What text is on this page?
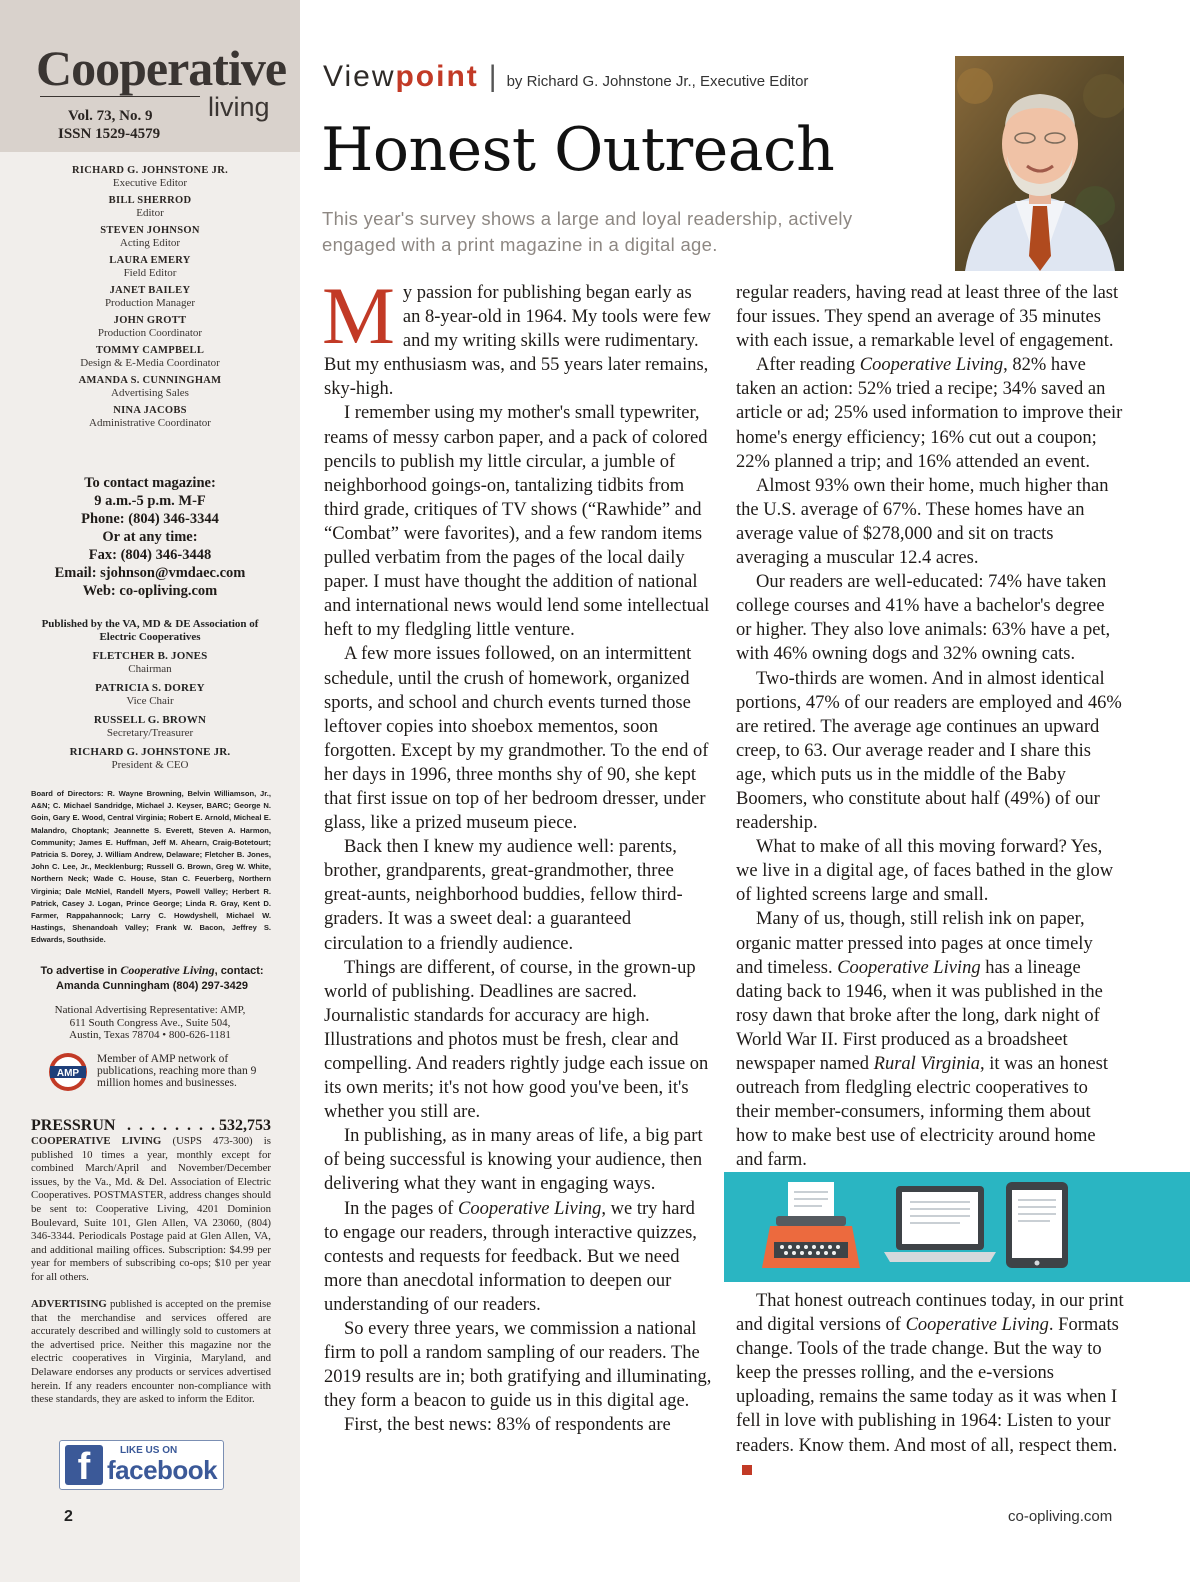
Cooperative
living
Vol. 73, No. 9
ISSN 1529-4579
RICHARD G. JOHNSTONE JR.
Executive Editor
BILL SHERROD
Editor
STEVEN JOHNSON
Acting Editor
LAURA EMERY
Field Editor
JANET BAILEY
Production Manager
JOHN GROTT
Production Coordinator
TOMMY CAMPBELL
Design & E-Media Coordinator
AMANDA S. CUNNINGHAM
Advertising Sales
NINA JACOBS
Administrative Coordinator
To contact magazine:
9 a.m.-5 p.m. M-F
Phone: (804) 346-3344
Or at any time:
Fax: (804) 346-3448
Email: sjohnson@vmdaec.com
Web: co-opliving.com
Published by the VA, MD & DE Association of Electric Cooperatives
FLETCHER B. JONES
Chairman
PATRICIA S. DOREY
Vice Chair
RUSSELL G. BROWN
Secretary/Treasurer
RICHARD G. JOHNSTONE JR.
President & CEO
Board of Directors: R. Wayne Browning, Belvin Williamson, Jr., A&N; C. Michael Sandridge, Michael J. Keyser, BARC; George N. Goin, Gary E. Wood, Central Virginia; Robert E. Arnold, Micheal E. Malandro, Choptank; Jeannette S. Everett, Steven A. Harmon, Community; James E. Huffman, Jeff M. Ahearn, Craig-Botetourt; Patricia S. Dorey, J. William Andrew, Delaware; Fletcher B. Jones, John C. Lee, Jr., Mecklenburg; Russell G. Brown, Greg W. White, Northern Neck; Wade C. House, Stan C. Feuerberg, Northern Virginia; Dale McNiel, Randell Myers, Powell Valley; Herbert R. Patrick, Casey J. Logan, Prince George; Linda R. Gray, Kent D. Farmer, Rappahannock; Larry C. Howdyshell, Michael W. Hastings, Shenandoah Valley; Frank W. Bacon, Jeffrey S. Edwards, Southside.
To advertise in Cooperative Living, contact:
Amanda Cunningham (804) 297-3429
National Advertising Representative: AMP,
611 South Congress Ave., Suite 504,
Austin, Texas 78704 • 800-626-1181
AMP
Member of AMP network of publications, reaching more than 9 million homes and businesses.
PRESSRUN . . . . . . . . .
532,753
COOPERATIVE LIVING (USPS 473-300) is published 10 times a year, monthly except for combined March/April and November/December issues, by the Va., Md. & Del. Association of Electric Cooperatives. POSTMASTER, address changes should be sent to: Cooperative Living, 4201 Dominion Boulevard, Suite 101, Glen Allen, VA 23060, (804) 346-3344. Periodicals Postage paid at Glen Allen, VA, and additional mailing offices. Subscription: $4.99 per year for members of subscribing co-ops; $10 per year for all others.
ADVERTISING published is accepted on the premise that the merchandise and services offered are accurately described and willingly sold to customers at the advertised price. Neither this magazine nor the electric cooperatives in Virginia, Maryland, and Delaware endorses any products or services advertised herein. If any readers encounter non-compliance with these standards, they are asked to inform the Editor.
f	LIKE US ON
facebook
2
Viewpoint | by Richard G. Johnstone Jr., Executive Editor
Honest Outreach
This year's survey shows a large and loyal readership, actively engaged with a print magazine in a digital age.

My passion for publishing began early as an 8-year-old in 1964. My tools were few and my writing skills were rudimentary. But my enthusiasm was, and 55 years later remains, sky-high.

I remember using my mother's small typewriter, reams of messy carbon paper, and a pack of colored pencils to publish my little circular, a jumble of neighborhood goings-on, tantalizing tidbits from third grade, critiques of TV shows (“Rawhide” and “Combat” were favorites), and a few random items pulled verbatim from the pages of the local daily paper. I must have thought the addition of national and international news would lend some intellectual heft to my fledgling little venture.

A few more issues followed, on an intermittent schedule, until the crush of homework, organized sports, and school and church events turned those leftover copies into shoebox mementos, soon forgotten. Except by my grandmother. To the end of her days in 1996, three months shy of 90, she kept that first issue on top of her bedroom dresser, under glass, like a prized museum piece.

Back then I knew my audience well: parents, brother, grandparents, great-grandmother, three great-aunts, neighborhood buddies, fellow third-graders. It was a sweet deal: a guaranteed circulation to a friendly audience.

Things are different, of course, in the grown-up world of publishing. Deadlines are sacred. Journalistic standards for accuracy are high. Illustrations and photos must be fresh, clear and compelling. And readers rightly judge each issue on its own merits; it's not how good you've been, it's whether you still are.

In publishing, as in many areas of life, a big part of being successful is knowing your audience, then delivering what they want in engaging ways.

In the pages of Cooperative Living, we try hard to engage our readers, through interactive quizzes, contests and requests for feedback. But we need more than anecdotal information to deepen our understanding of our readers.

So every three years, we commission a national firm to poll a random sampling of our readers. The 2019 results are in; both gratifying and illuminating, they form a beacon to guide us in this digital age.

First, the best news: 83% of respondents are

regular readers, having read at least three of the last four issues. They spend an average of 35 minutes with each issue, a remarkable level of engagement.

After reading Cooperative Living, 82% have taken an action: 52% tried a recipe; 34% saved an article or ad; 25% used information to improve their home's energy efficiency; 16% cut out a coupon; 22% planned a trip; and 16% attended an event.

Almost 93% own their home, much higher than the U.S. average of 67%. These homes have an average value of $278,000 and sit on tracts averaging a muscular 12.4 acres.

Our readers are well-educated: 74% have taken college courses and 41% have a bachelor's degree or higher. They also love animals: 63% have a pet, with 46% owning dogs and 32% owning cats.

Two-thirds are women. And in almost identical portions, 47% of our readers are employed and 46% are retired. The average age continues an upward creep, to 63. Our average reader and I share this age, which puts us in the middle of the Baby Boomers, who constitute about half (49%) of our readership.

What to make of all this moving forward? Yes, we live in a digital age, of faces bathed in the glow of lighted screens large and small.

Many of us, though, still relish ink on paper, organic matter pressed into pages at once timely and timeless. Cooperative Living has a lineage dating back to 1946, when it was published in the rosy dawn that broke after the long, dark night of World War II. First produced as a broadsheet newspaper named Rural Virginia, it was an honest outreach from fledgling electric cooperatives to their member-consumers, informing them about how to make best use of electricity around home and farm.

That honest outreach continues today, in our print and digital versions of Cooperative Living. Formats change. Tools of the trade change. But the way to keep the presses rolling, and the e-versions uploading, remains the same today as it was when I fell in love with publishing in 1964: Listen to your readers. Know them. And most of all, respect them.

co-opliving.com
